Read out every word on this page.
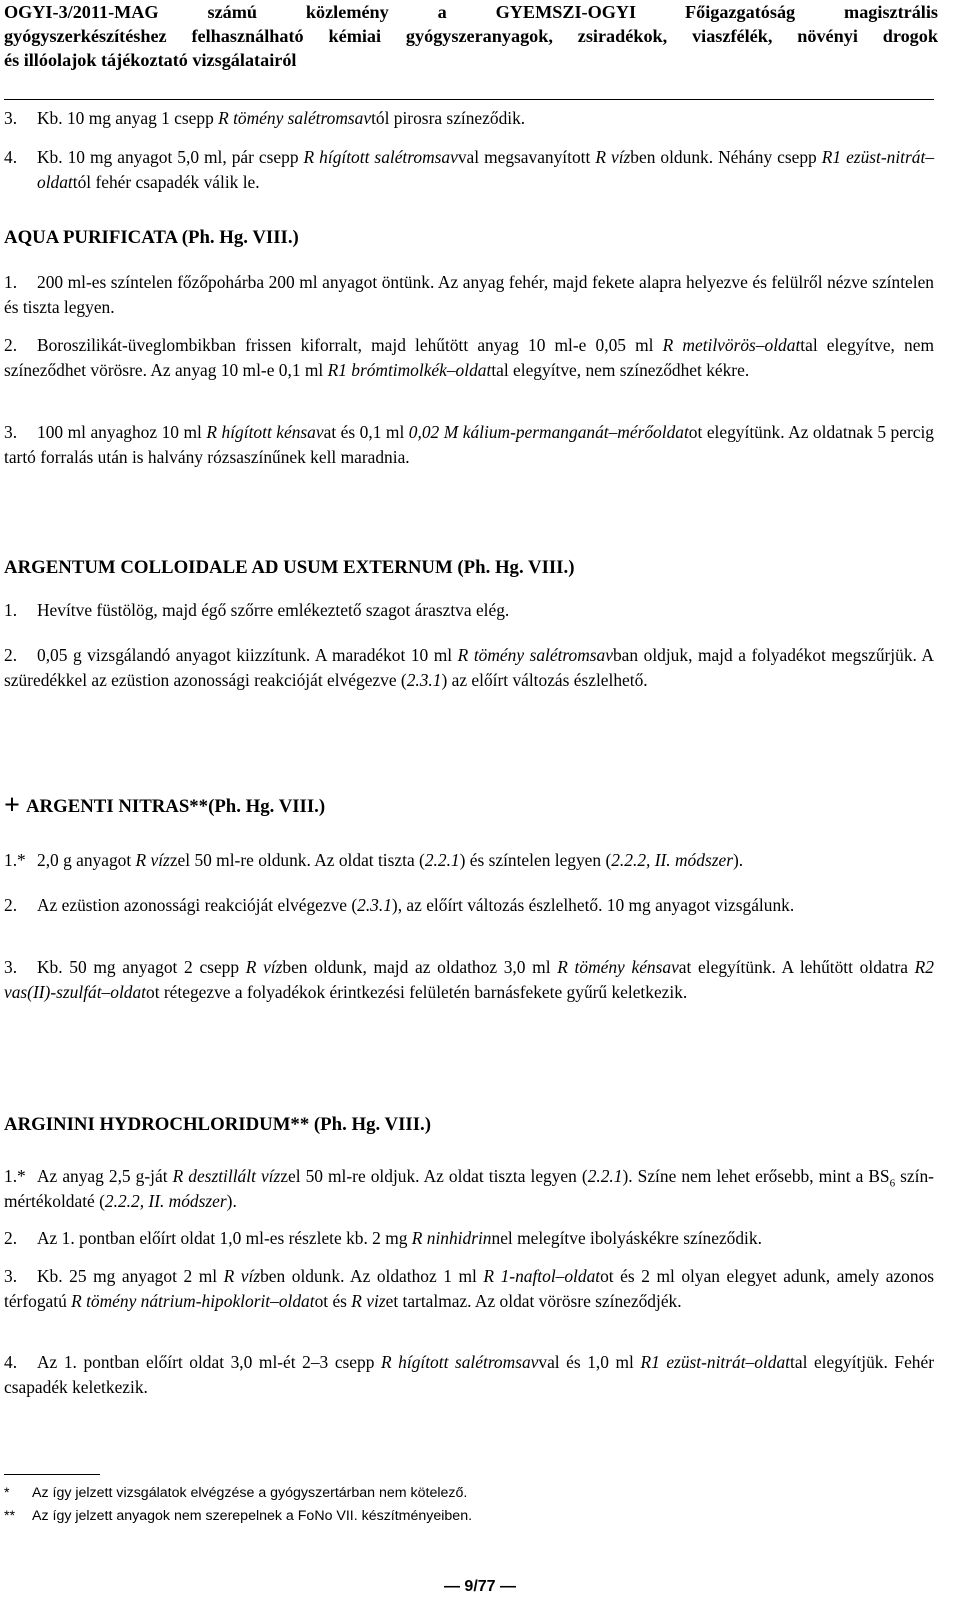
OGYI-3/2011-MAG számú közlemény a GYEMSZI-OGYI Főigazgatóság magisztrális
gyógyszerkészítéshez felhasználható kémiai gyógyszeranyagok, zsiradékok, viaszfélék, növényi drogok
és illóolajok tájékoztató vizsgálatairól

3. Kb. 10 mg anyag 1 csepp R tömény salétromsavtól pirosra színeződik.

4. Kb. 10 mg anyagot 5,0 ml, pár csepp R hígított salétromsavval megsavanyított R vízben oldunk. Néhány csepp R1 ezüst-nitrát–oldattól fehér csapadék válik le.

AQUA PURIFICATA (Ph. Hg. VIII.)

1. 200 ml-es színtelen főzőpohárba 200 ml anyagot öntünk. Az anyag fehér, majd fekete alapra helyezve és felülről nézve színtelen és tiszta legyen.

2. Boroszilikát-üveglombikban frissen kiforralt, majd lehűtött anyag 10 ml-e 0,05 ml R metilvörös–oldattal elegyítve, nem színeződhet vörösre. Az anyag 10 ml-e 0,1 ml R1 brómtimolkék–oldattal elegyítve, nem színeződhet kékre.

3. 100 ml anyaghoz 10 ml R hígított kénsavat és 0,1 ml 0,02 M kálium-permanganát–mérőoldatot elegyítünk. Az oldatnak 5 percig tartó forralás után is halvány rózsaszínűnek kell maradnia.

ARGENTUM COLLOIDALE AD USUM EXTERNUM (Ph. Hg. VIII.)

1. Hevítve füstölög, majd égő szőrre emlékeztető szagot árasztva elég.

2. 0,05 g vizsgálandó anyagot kiizzítunk. A maradékot 10 ml R tömény salétromsavban oldjuk, majd a folyadékot megszűrjük. A szüredékkel az ezüstion azonossági reakcióját elvégezve (2.3.1) az előírt változás észlelhető.

+ ARGENTI NITRAS**(Ph. Hg. VIII.)

1.* 2,0 g anyagot R vízzel 50 ml-re oldunk. Az oldat tiszta (2.2.1) és színtelen legyen (2.2.2, II. módszer).

2. Az ezüstion azonossági reakcióját elvégezve (2.3.1), az előírt változás észlelhető. 10 mg anyagot vizsgálunk.

3. Kb. 50 mg anyagot 2 csepp R vízben oldunk, majd az oldathoz 3,0 ml R tömény kénsavat elegyítünk. A lehűtött oldatra R2 vas(II)-szulfát–oldatot rétegezve a folyadékok érintkezési felületén barnásfekete gyűrű keletkezik.

ARGININI HYDROCHLORIDUM** (Ph. Hg. VIII.)

1.* Az anyag 2,5 g-ját R desztillált vízzel 50 ml-re oldjuk. Az oldat tiszta legyen (2.2.1). Színe nem lehet erősebb, mint a $BS_6$ szín-mértékoldaté (2.2.2, II. módszer).

2. Az 1. pontban előírt oldat 1,0 ml-es részlete kb. 2 mg R ninhidrinnel melegítve ibolyáskékre színeződik.

3. Kb. 25 mg anyagot 2 ml R vízben oldunk. Az oldathoz 1 ml R 1-naftol–oldatot és 2 ml olyan elegyet adunk, amely azonos térfogatú R tömény nátrium-hipoklorit–oldatot és R vizet tartalmaz. Az oldat vörösre színeződjék.

4. Az 1. pontban előírt oldat 3,0 ml-ét 2–3 csepp R hígított salétromsavval és 1,0 ml R1 ezüst-nitrát–oldattal elegyítjük. Fehér csapadék keletkezik.

* Az így jelzett vizsgálatok elvégzése a gyógyszertárban nem kötelező.
** Az így jelzett anyagok nem szerepelnek a FoNo VII. készítményeiben.
— 9/77 —
